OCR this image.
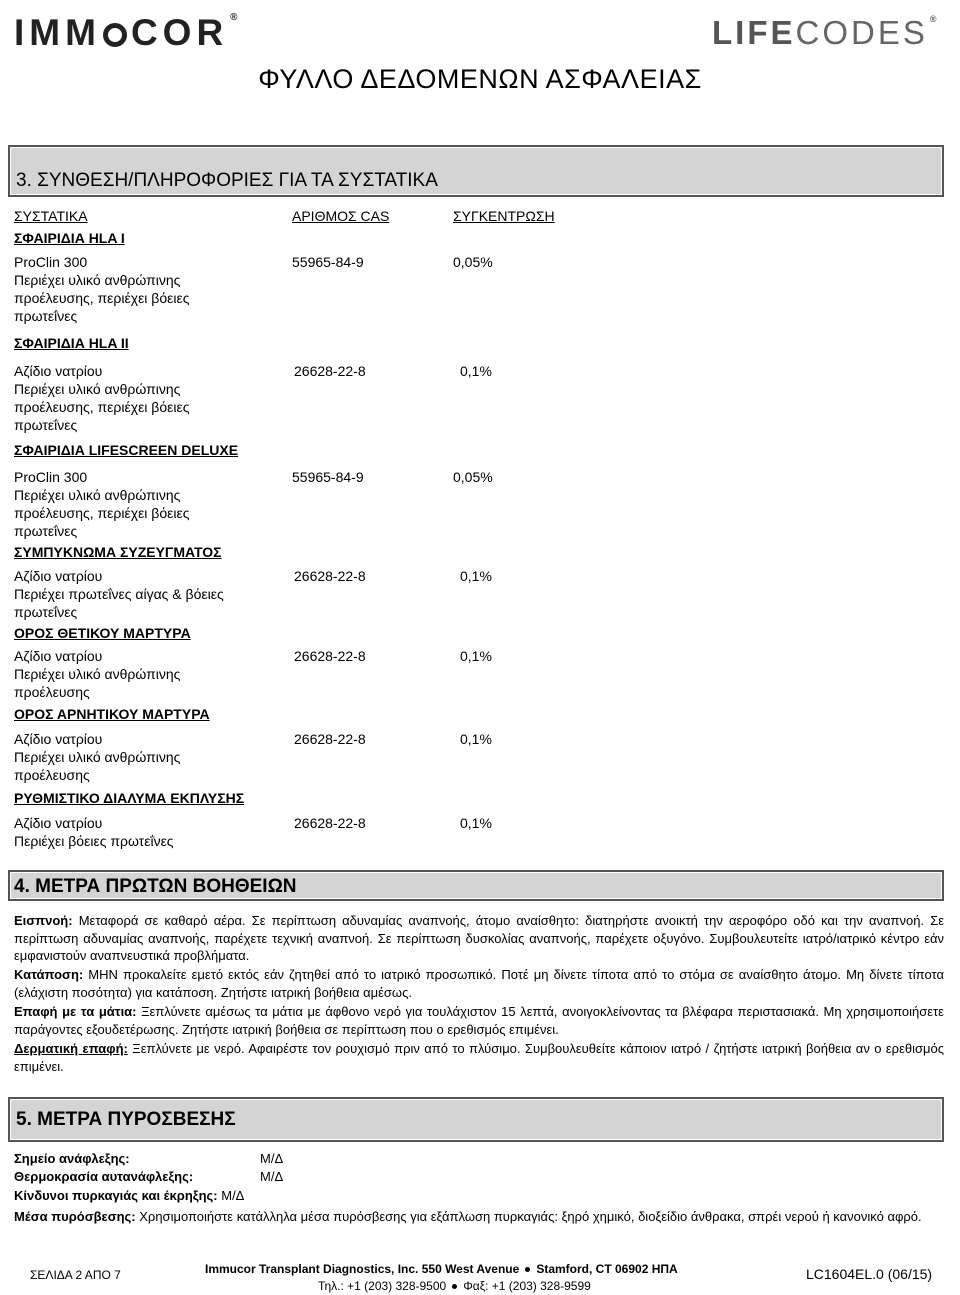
IMM COR ®	LIFECODES ®
ΦΥΛΛΟ ΔΕΔΟΜΕΝΩΝ ΑΣΦΑΛΕΙΑΣ
3. ΣΥΝΘΕΣΗ/ΠΛΗΡΟΦΟΡΙΕΣ ΓΙΑ ΤΑ ΣΥΣΤΑΤΙΚΑ
ΣΥΣΤΑΤΙΚΑ	ΑΡΙΘΜΟΣ CAS	ΣΥΓΚΕΝΤΡΩΣΗ
ΣΦΑΙΡΙΔΙΑ HLA I
ProClin 300	55965-84-9	0,05%
Περιέχει υλικό ανθρώπινης
προέλευσης, περιέχει βόειες
πρωτεΐνες
ΣΦΑΙΡΙΔΙΑ HLA II
Αζίδιο νατρίου	26628-22-8	0,1%
Περιέχει υλικό ανθρώπινης
προέλευσης, περιέχει βόειες
πρωτεΐνες
ΣΦΑΙΡΙΔΙΑ LIFESCREEN DELUXE
ProClin 300	55965-84-9	0,05%
Περιέχει υλικό ανθρώπινης
προέλευσης, περιέχει βόειες
πρωτεΐνες
ΣΥΜΠΥΚΝΩΜΑ ΣΥΖΕΥΓΜΑΤΟΣ
Αζίδιο νατρίου	26628-22-8	0,1%
Περιέχει πρωτεΐνες αίγας & βόειες
πρωτεΐνες
ΟΡΟΣ ΘΕΤΙΚΟΥ ΜΑΡΤΥΡΑ
Αζίδιο νατρίου	26628-22-8	0,1%
Περιέχει υλικό ανθρώπινης
προέλευσης
ΟΡΟΣ ΑΡΝΗΤΙΚΟΥ ΜΑΡΤΥΡΑ
Αζίδιο νατρίου	26628-22-8	0,1%
Περιέχει υλικό ανθρώπινης
προέλευσης
ΡΥΘΜΙΣΤΙΚΟ ΔΙΑΛΥΜΑ ΕΚΠΛΥΣΗΣ
Αζίδιο νατρίου	26628-22-8	0,1%
Περιέχει βόειες πρωτεΐνες
4. ΜΕΤΡΑ ΠΡΩΤΩΝ ΒΟΗΘΕΙΩΝ
Εισπνοή: Μεταφορά σε καθαρό αέρα. Σε περίπτωση αδυναμίας αναπνοής, άτομο αναίσθητο: διατηρήστε ανοικτή την αεροφόρο οδό και την αναπνοή. Σε περίπτωση αδυναμίας αναπνοής, παρέχετε τεχνική αναπνοή. Σε περίπτωση δυσκολίας αναπνοής, παρέχετε οξυγόνο. Συμβουλευτείτε ιατρό/ιατρικό κέντρο εάν εμφανιστούν αναπνευστικά προβλήματα.
Κατάποση: ΜΗΝ προκαλείτε εμετό εκτός εάν ζητηθεί από το ιατρικό προσωπικό. Ποτέ μη δίνετε τίποτα από το στόμα σε αναίσθητο άτομο. Μη δίνετε τίποτα (ελάχιστη ποσότητα) για κατάποση. Ζητήστε ιατρική βοήθεια αμέσως.
Επαφή με τα μάτια: Ξεπλύνετε αμέσως τα μάτια με άφθονο νερό για τουλάχιστον 15 λεπτά, ανοιγοκλείνοντας τα βλέφαρα περιστασιακά. Μη χρησιμοποιήσετε παράγοντες εξουδετέρωσης. Ζητήστε ιατρική βοήθεια σε περίπτωση που ο ερεθισμός επιμένει.
Δερματική επαφή: Ξεπλύνετε με νερό. Αφαιρέστε τον ρουχισμό πριν από το πλύσιμο. Συμβουλευθείτε κάποιον ιατρό / ζητήστε ιατρική βοήθεια αν ο ερεθισμός επιμένει.
5. ΜΕΤΡΑ ΠΥΡΟΣΒΕΣΗΣ
Σημείο ανάφλεξης:	Μ/Δ
Θερμοκρασία αυτανάφλεξης:	Μ/Δ
Κίνδυνοι πυρκαγιάς και έκρηξης: Μ/Δ
Μέσα πυρόσβεσης: Χρησιμοποιήστε κατάλληλα μέσα πυρόσβεσης για εξάπλωση πυρκαγιάς: ξηρό χημικό, διοξείδιο άνθρακα, σπρέι νερού ή κανονικό αφρό.
ΣΕΛΙΔΑ 2 ΑΠΟ 7	Immucor Transplant Diagnostics, Inc. 550 West Avenue Stamford, CT 06902 ΗΠΑ
Τηλ.: +1 (203) 328-9500 Φαξ: +1 (203) 328-9599
LC1604EL.0 (06/15)
